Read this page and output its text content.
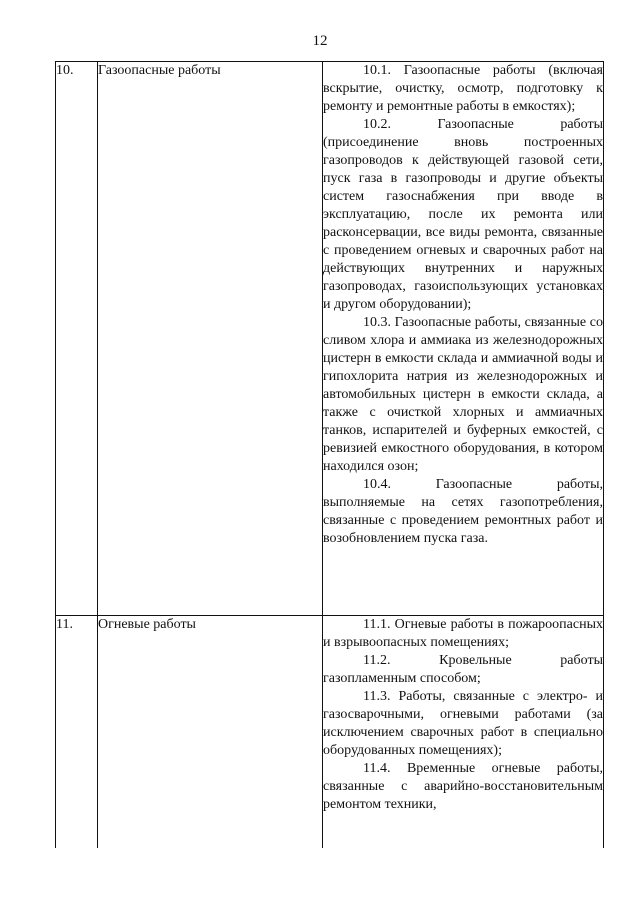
12
10.	Газоопасные работы	10.1. Газоопасные работы (включая вскрытие, очистку, осмотр, подготовку к ремонту и ремонтные работы в емкостях);
10.2. Газоопасные работы (присоединение вновь построенных газопроводов к действующей газовой сети, пуск газа в газопроводы и другие объекты систем газоснабжения при вводе в эксплуатацию, после их ремонта или расконсервации, все виды ремонта, связанные с проведением огневых и сварочных работ на действующих внутренних и наружных газопроводах, газоиспользующих установках и другом оборудовании);
10.3. Газоопасные работы, связанные со сливом хлора и аммиака из железнодорожных цистерн в емкости склада и аммиачной воды и гипохлорита натрия из железнодорожных и автомобильных цистерн в емкости склада, а также с очисткой хлорных и аммиачных танков, испарителей и буферных емкостей, с ревизией емкостного оборудования, в котором находился озон;
10.4. Газоопасные работы, выполняемые на сетях газопотребления, связанные с проведением ремонтных работ и возобновлением пуска газа.

11.	Огневые работы	11.1. Огневые работы в пожароопасных и взрывоопасных помещениях;
11.2. Кровельные работы газопламенным способом;
11.3. Работы, связанные с электро- и газосварочными, огневыми работами (за исключением сварочных работ в специально оборудованных помещениях);
11.4. Временные огневые работы, связанные с аварийно-восстановительным ремонтом техники,
